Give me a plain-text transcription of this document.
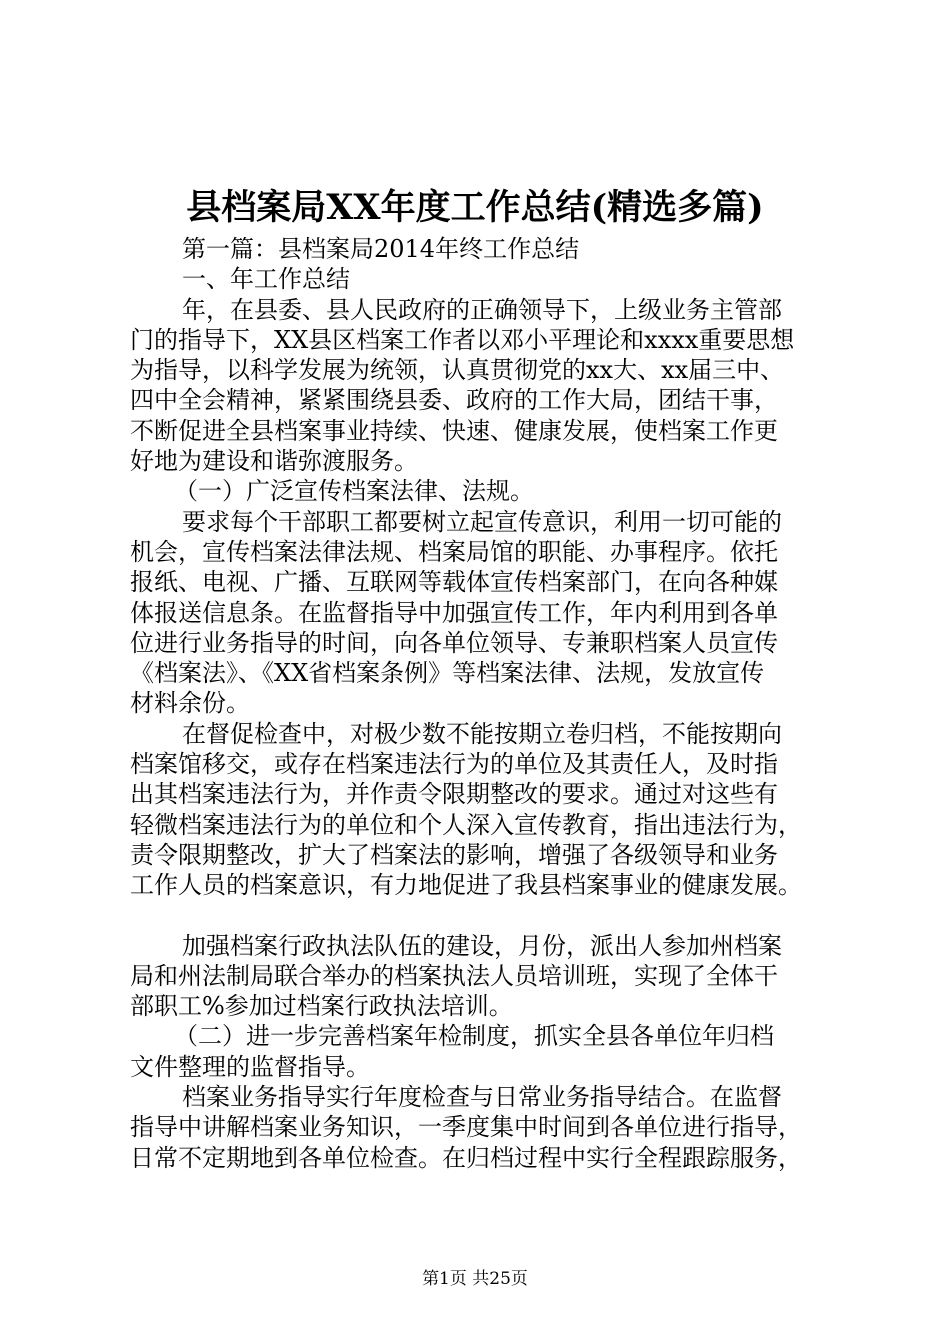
县档案局XX年度工作总结(精选多篇)
第一篇：县档案局2014年终工作总结
一、年工作总结
年，在县委、县人民政府的正确领导下，上级业务主管部
门的指导下，XX县区档案工作者以邓小平理论和xxxx重要思想
为指导，以科学发展为统领，认真贯彻党的xx大、xx届三中、
四中全会精神，紧紧围绕县委、政府的工作大局，团结干事，
不断促进全县档案事业持续、快速、健康发展，使档案工作更
好地为建设和谐弥渡服务。
（一）广泛宣传档案法律、法规。
要求每个干部职工都要树立起宣传意识，利用一切可能的
机会，宣传档案法律法规、档案局馆的职能、办事程序。依托
报纸、电视、广播、互联网等载体宣传档案部门，在向各种媒
体报送信息条。在监督指导中加强宣传工作，年内利用到各单
位进行业务指导的时间，向各单位领导、专兼职档案人员宣传
《档案法》、《XX省档案条例》等档案法律、法规，发放宣传
材料余份。
在督促检查中，对极少数不能按期立卷归档，不能按期向
档案馆移交，或存在档案违法行为的单位及其责任人，及时指
出其档案违法行为，并作责令限期整改的要求。通过对这些有
轻微档案违法行为的单位和个人深入宣传教育，指出违法行为，
责令限期整改，扩大了档案法的影响，增强了各级领导和业务
工作人员的档案意识，有力地促进了我县档案事业的健康发展。
加强档案行政执法队伍的建设，月份，派出人参加州档案
局和州法制局联合举办的档案执法人员培训班，实现了全体干
部职工%参加过档案行政执法培训。
（二）进一步完善档案年检制度，抓实全县各单位年归档
文件整理的监督指导。
档案业务指导实行年度检查与日常业务指导结合。在监督
指导中讲解档案业务知识，一季度集中时间到各单位进行指导，
日常不定期地到各单位检查。在归档过程中实行全程跟踪服务，
第1页 共25页
